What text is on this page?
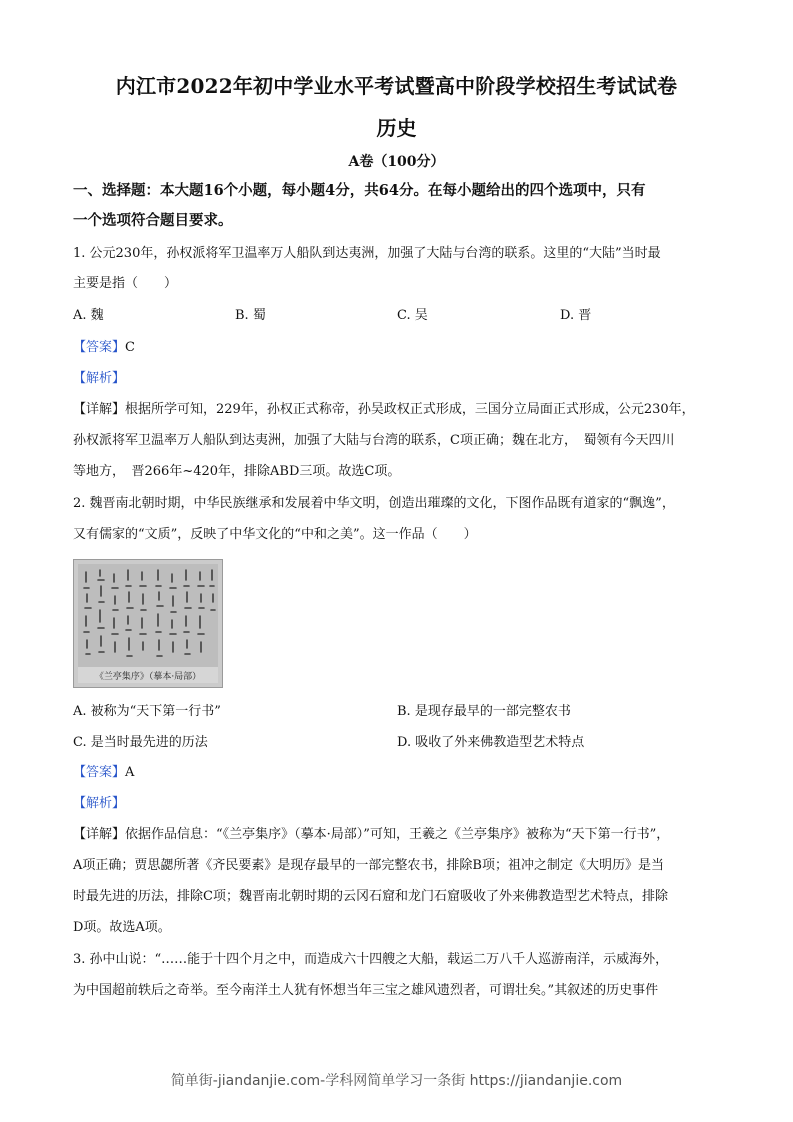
内江市2022年初中学业水平考试暨高中阶段学校招生考试试卷
历史
A卷（100分）
一、选择题：本大题16个小题，每小题4分，共64分。在每小题给出的四个选项中，只有
一个选项符合题目要求。
1. 公元230年，孙权派将军卫温率万人船队到达夷洲，加强了大陆与台湾的联系。这里的“大陆”当时最
主要是指（　　）
A. 魏	B. 蜀	C. 吴	D. 晋
【答案】C
【解析】
【详解】根据所学可知，229年，孙权正式称帝，孙吴政权正式形成，三国分立局面正式形成，公元230年，
孙权派将军卫温率万人船队到达夷洲，加强了大陆与台湾的联系，C项正确；魏在北方，　蜀领有今天四川
等地方，　晋266年~420年，排除ABD三项。故选C项。
2. 魏晋南北朝时期，中华民族继承和发展着中华文明，创造出璀璨的文化，下图作品既有道家的“飘逸”，
又有儒家的“文质”，反映了中华文化的“中和之美”。这一作品（　　）
《兰亭集序》（摹本·局部）
A. 被称为“天下第一行书”	B. 是现存最早的一部完整农书
C. 是当时最先进的历法	D. 吸收了外来佛教造型艺术特点
【答案】A
【解析】
【详解】依据作品信息：“《兰亭集序》（摹本·局部）”可知，王羲之《兰亭集序》被称为“天下第一行书”，
A项正确；贾思勰所著《齐民要素》是现存最早的一部完整农书，排除B项；祖冲之制定《大明历》是当
时最先进的历法，排除C项；魏晋南北朝时期的云冈石窟和龙门石窟吸收了外来佛教造型艺术特点，排除
D项。故选A项。
3. 孙中山说：“……能于十四个月之中，而造成六十四艘之大船，载运二万八千人巡游南洋，示威海外，
为中国超前轶后之奇举。至今南洋土人犹有怀想当年三宝之雄风遗烈者，可谓壮矣。”其叙述的历史事件
简单街-jiandanjie.com-学科网简单学习一条街 https://jiandanjie.com
